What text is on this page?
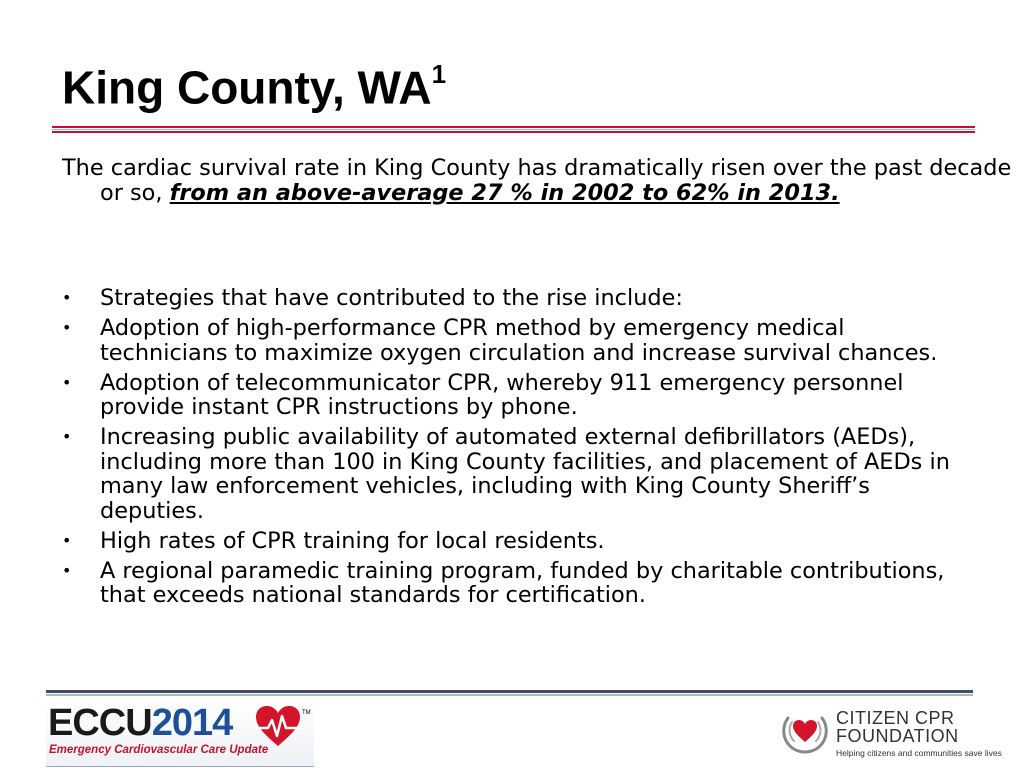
King County, $WA^1$

The cardiac survival rate in King County has dramatically risen over the past decade or so, from an above-average 27 % in 2002 to 62% in 2013.

• Strategies that have contributed to the rise include:
• Adoption of high-performance CPR method by emergency medical technicians to maximize oxygen circulation and increase survival chances.
• Adoption of telecommunicator CPR, whereby 911 emergency personnel provide instant CPR instructions by phone.
• Increasing public availability of automated external defibrillators (AEDs), including more than 100 in King County facilities, and placement of AEDs in many law enforcement vehicles, including with King County Sheriff’s deputies.
• High rates of CPR training for local residents.
• A regional paramedic training program, funded by charitable contributions, that exceeds national standards for certification.
ECCU2014	TM
Emergency Cardiovascular Care Update
CITIZEN CPR
FOUNDATION
Helping citizens and communities save lives
